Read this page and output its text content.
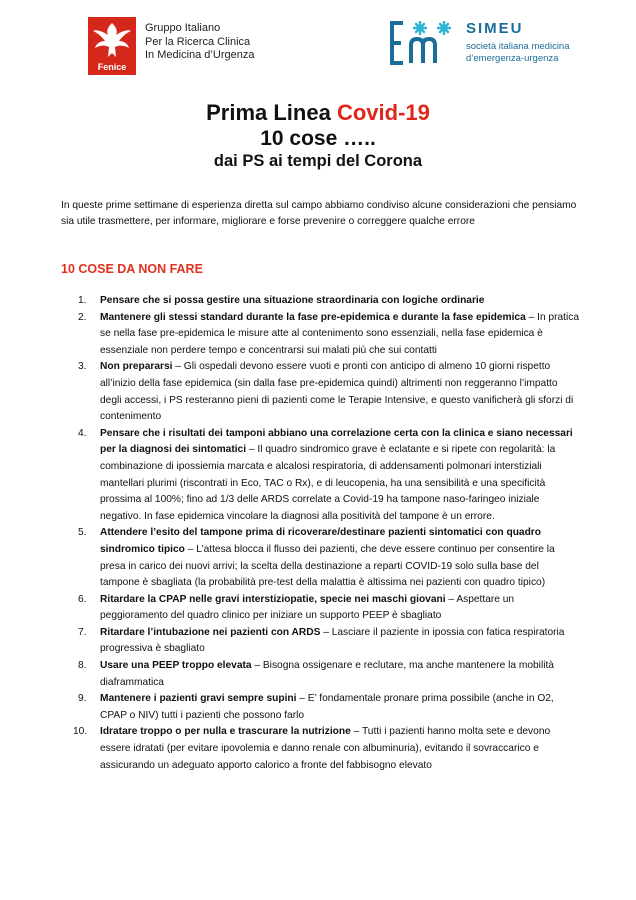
Fenice
Gruppo Italiano
Per la Ricerca Clinica
In Medicina d’Urgenza
SIMEU
società italiana medicina
d’emergenza-urgenza
Prima Linea Covid-19
10 cose …..
dai PS ai tempi del Corona
In queste prime settimane di esperienza diretta sul campo abbiamo condiviso alcune considerazioni che pensiamo sia utile trasmettere, per informare, migliorare e forse prevenire o correggere qualche errore
10 COSE DA NON FARE
1. Pensare che si possa gestire una situazione straordinaria con logiche ordinarie
2. Mantenere gli stessi standard durante la fase pre-epidemica e durante la fase epidemica – In pratica se nella fase pre-epidemica le misure atte al contenimento sono essenziali, nella fase epidemica è essenziale non perdere tempo e concentrarsi sui malati più che sui contatti
3. Non prepararsi – Gli ospedali devono essere vuoti e pronti con anticipo di almeno 10 giorni rispetto all’inizio della fase epidemica (sin dalla fase pre-epidemica quindi) altrimenti non reggeranno l’impatto degli accessi, i PS resteranno pieni di pazienti come le Terapie Intensive, e questo vanificherà gli sforzi di contenimento
4. Pensare che i risultati dei tamponi abbiano una correlazione certa con la clinica e siano necessari per la diagnosi dei sintomatici – Il quadro sindromico grave è eclatante e si ripete con regolarità: la combinazione di ipossiemia marcata e alcalosi respiratoria, di addensamenti polmonari interstiziali mantellari plurimi (riscontrati in Eco, TAC o Rx), e di leucopenia, ha una sensibilità e una specificità prossima al 100%; fino ad 1/3 delle ARDS correlate a Covid-19 ha tampone naso-faringeo iniziale negativo. In fase epidemica vincolare la diagnosi alla positività del tampone è un errore.
5. Attendere l’esito del tampone prima di ricoverare/destinare pazienti sintomatici con quadro sindromico tipico – L’attesa blocca il flusso dei pazienti, che deve essere continuo per consentire la presa in carico dei nuovi arrivi; la scelta della destinazione a reparti COVID-19 solo sulla base del tampone è sbagliata (la probabilità pre-test della malattia è altissima nei pazienti con quadro tipico)
6. Ritardare la CPAP nelle gravi interstiziopatie, specie nei maschi giovani – Aspettare un peggioramento del quadro clinico per iniziare un supporto PEEP è sbagliato
7. Ritardare l’intubazione nei pazienti con ARDS – Lasciare il paziente in ipossia con fatica respiratoria progressiva è sbagliato
8. Usare una PEEP troppo elevata – Bisogna ossigenare e reclutare, ma anche mantenere la mobilità diaframmatica
9. Mantenere i pazienti gravi sempre supini – E’ fondamentale pronare prima possibile (anche in O2, CPAP o NIV) tutti i pazienti che possono farlo
10. Idratare troppo o per nulla e trascurare la nutrizione – Tutti i pazienti hanno molta sete e devono essere idratati (per evitare ipovolemia e danno renale con albuminuria), evitando il sovraccarico e assicurando un adeguato apporto calorico a fronte del fabbisogno elevato
